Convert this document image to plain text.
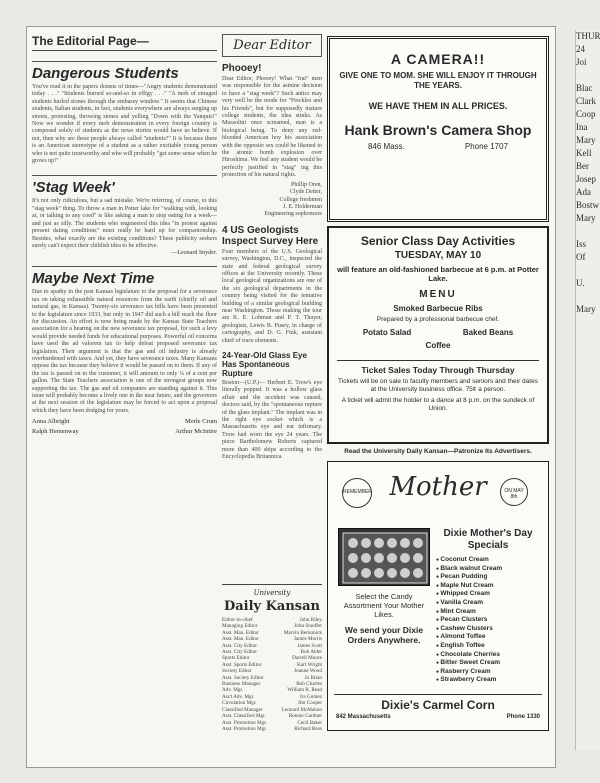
THUR
24
Joi

Blac
Clark
Coop
Ina
Mary
Kell
Ber
Josep
Ada
Bostw
Mary

Iss
Of

U.

Mary
The Editorial Page—
Dangerous Students
You've read it in the papers dozens of times—"Angry students demonstrated today . . ." "Students burned so-and-so in effigy . . ." "A mob of enraged students hurled stones through the embassy window." It seems that Chinese students, Italian students, in fact, students everywhere are always surging up streets, protesting, throwing stones and yelling "Down with the Yanquis!" Now we wonder if every mob demonstration in every foreign country is composed solely of students as the news stories would have us believe. If not, then why are these people always called "students?" It is because there is an American stereotype of a student as a rather excitable young person who is not quite trustworthy and who will probably "get some sense when he grows up!"
'Stag Week'
It's not only ridiculous, but a sad mistake. We're referring, of course, to this "stag week" thing. To throw a man in Potter lake for "walking with, looking at, or talking to any coed" is like asking a man to stop eating for a week—and just as silly. The students who engineered this idea "in protest against present dating conditions" must really be hard up for companionship. Besides, what exactly are the existing conditions? These publicity seekers surely can't expect their childish idea to be effective.
—Leonard Snyder.
Maybe Next Time
Due to apathy in the past Kansas legislature to the proposal for a severance tax on taking exhaustible natural resources from the earth (chiefly oil and natural gas, in Kansas). Twenty-six severance tax bills have been presented to the legislature since 1933, but only in 1947 did such a bill reach the floor for discussion. An effort is now being made by the Kansas State Teachers association for a hearing on the new severance tax proposal, for such a levy would provide needed funds for educational purposes. Powerful oil concerns have used the ad valorem tax to help defeat proposed severance tax legislation. Their argument is that the gas and oil industry is already overburdened with taxes. And yet, they have severance taxes. Many Kansans oppose the tax because they believe it would be passed on to them. If any of the tax is passed on to the customer, it will amount to only ¼ of a cent per gallon. The State Teachers association is one of the strongest groups now supporting the tax. The gas and oil companies are standing against it. This issue will probably become a lively one in the near future, and the governors at the next session of the legislature may be forced to act upon a proposal which they have been dodging for years.
Anna Albright	Merle Crum
Ralph Hemenway	Arthur McIntire
Dear Editor
Phooey!
Dear Editor, Phooey! What "frat" men was responsible for the asinine decision to have a "stag week"? Such antics may very well be the mode for "Freckles and his Friends", but for supposedly mature college students, the idea stinks. As Mussolini once screamed, man is a biological being. To deny any red-blooded American boy his association with the opposite sex could be likened to the atomic bomb explosion over Hiroshima. We feel any student would be perfectly justified in "stag" ing this protection of his natural rights.
Phillip Oren,
Clyde Detter,
College freshmen
J. E. Holderman
Engineering sophomore
4 US Geologists Inspect Survey Here
Four members of the U.S. Geological survey, Washington, D.C., inspected the state and federal geological survey offices at the University recently. These local geological organizations are one of the six geological departments in the country being visited for the tentative building of a similar geological building near Washington. Those making the tour are K. E. Lohman and P. T. Thayer, geologists, Lewis B. Pusey, in charge of cartography, and D. G. Fink, assistant chief of trace elements.
24-Year-Old Glass Eye Has Spontaneous Rupture
Boston—(U.P.)— Herbert E. Trow's eye literally popped. It was a hollow glass affair and the accident was caused, doctors said, by the "spontaneous rupture of the glass implant." The implant was in the right eye socket which is a Massachusetts eye and ear infirmary. Trow had worn the eye 24 years. The piece Bartholomew Roberts captured more than 400 ships according to the Encyclopedia Britannica.
A CAMERA!!
GIVE ONE TO MOM. SHE WILL ENJOY IT THROUGH THE YEARS.
WE HAVE THEM IN ALL PRICES.
Hank Brown's Camera Shop
846 Mass.	Phone 1707
Senior Class Day Activities
TUESDAY, MAY 10
will feature an old-fashioned barbecue at 6 p.m. at Potter Lake.
MENU
Smoked Barbecue Ribs
Prepared by a professional barbecue chef.
Potato Salad	Baked Beans
Coffee
Ticket Sales Today Through Thursday
Tickets will be on sale to faculty members and seniors and their dates at the University business office. 75¢ a person.
A ticket will admit the holder to a dance at 8 p.m. on the sundeck of Union.
Read the University Daily Kansan—Patronize Its Advertisers.
REMEMBER Mother	ON MAY 8th
Select the Candy Assortment Your Mother Likes.
We send your Dixie Orders Anywhere.
Dixie Mother's Day Specials
● Coconut Cream
● Black walnut Cream
● Pecan Pudding
● Maple Nut Cream
● Whipped Cream
● Vanilla Cream
● Mint Cream
● Pecan Clusters
● Cashew Clusters
● Almond Toffee
● English Toffee
● Chocolate Cherries
● Bitter Sweet Cream
● Rasberry Cream
● Strawberry Cream
Dixie's Carmel Corn
842 Massachusetts	Phone 1330
University
Daily Kansan
Editor-in-chief	John Riley
Managing Editor	John Stauffer
Asst. Man. Editor	Marvin Berkonick
Asst. Man. Editor	James Morris
Asst. City Editor	James Scott
Asst. City Editor	Bob Alder
Sports Editor	Darrell Moore
Asst. Sports Editor	Karl Wright
Society Editor	Joanne Wood
Asst. Society Editor	Jo Brian
Business Manager	Bob Charles
Adv. Mgr.	William R. Read
Ass't Adv. Mgr.	Ira Gomez
Circulation Mgr.	Jim Cooper
Classified Manager	Leonard McMahon
Asst. Classified Mgr.	Bonnie Gardner
Asst. Promotion Mgr.	Cecil Baker
Asst. Promotion Mgr.	Richard Ross
